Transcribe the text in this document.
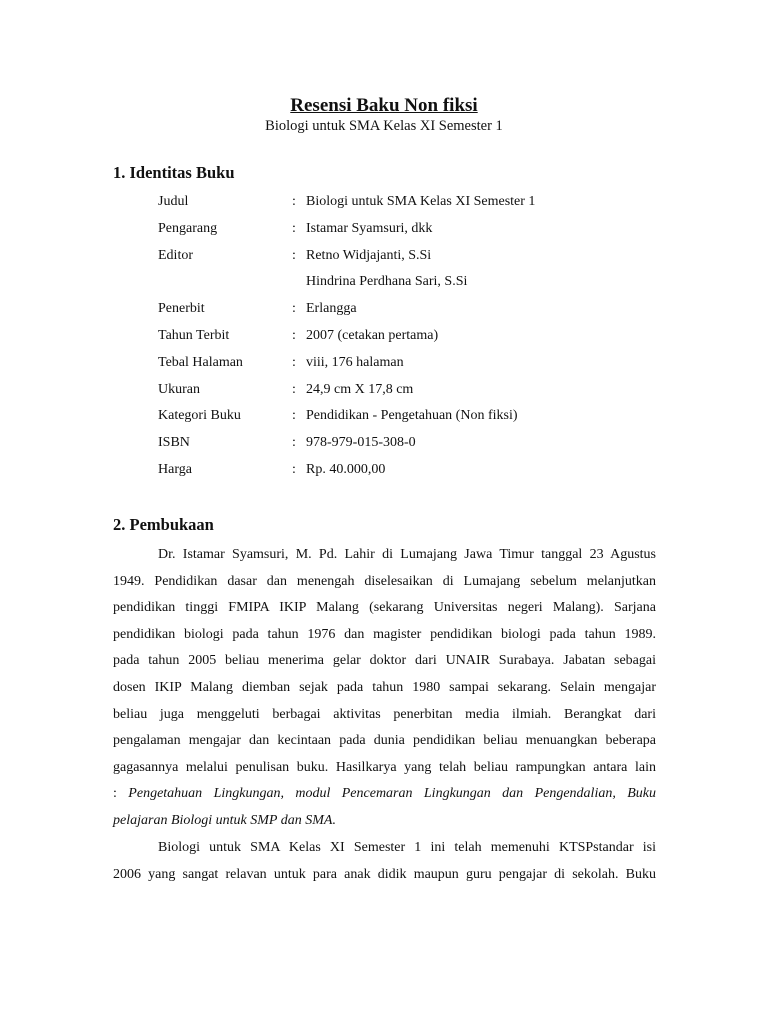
Resensi Baku Non fiksi
Biologi untuk SMA Kelas XI Semester 1
1. Identitas Buku
Judul	: Biologi untuk SMA Kelas XI Semester 1
Pengarang	: Istamar Syamsuri, dkk
Editor	: Retno Widjajanti, S.Si
Hindrina Perdhana Sari, S.Si
Penerbit	: Erlangga
Tahun Terbit	: 2007 (cetakan pertama)
Tebal Halaman	: viii, 176 halaman
Ukuran	: 24,9 cm X 17,8 cm
Kategori Buku	: Pendidikan - Pengetahuan (Non fiksi)
ISBN	: 978-979-015-308-0
Harga	: Rp. 40.000,00
2. Pembukaan
Dr. Istamar Syamsuri, M. Pd. Lahir di Lumajang Jawa Timur tanggal 23 Agustus
1949. Pendidikan dasar dan menengah diselesaikan di Lumajang sebelum melanjutkan
pendidikan tinggi FMIPA IKIP Malang (sekarang Universitas negeri Malang). Sarjana
pendidikan biologi pada tahun 1976 dan magister pendidikan biologi pada tahun 1989.
pada tahun 2005 beliau menerima gelar doktor dari UNAIR Surabaya. Jabatan sebagai
dosen IKIP Malang diemban sejak pada tahun 1980 sampai sekarang. Selain mengajar
beliau juga menggeluti berbagai aktivitas penerbitan media ilmiah. Berangkat dari
pengalaman mengajar dan kecintaan pada dunia pendidikan beliau menuangkan beberapa
gagasannya melalui penulisan buku. Hasilkarya yang telah beliau rampungkan antara lain
: Pengetahuan Lingkungan, modul Pencemaran Lingkungan dan Pengendalian, Buku
pelajaran Biologi untuk SMP dan SMA.
Biologi untuk SMA Kelas XI Semester 1 ini telah memenuhi KTSPstandar isi
2006 yang sangat relavan untuk para anak didik maupun guru pengajar di sekolah. Buku
